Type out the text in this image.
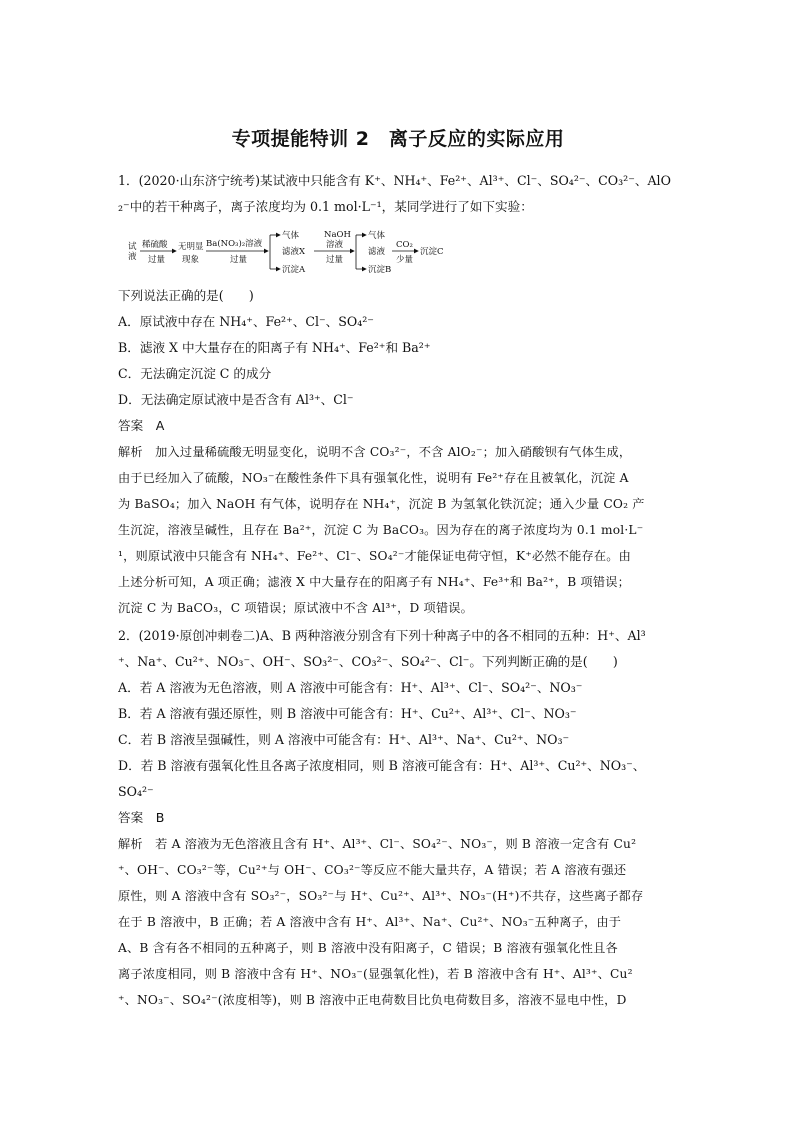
专项提能特训 2　离子反应的实际应用
1．(2020·山东济宁统考)某试液中只能含有 K⁺、NH₄⁺、Fe²⁺、Al³⁺、Cl⁻、SO₄²⁻、CO₃²⁻、AlO
₂⁻中的若干种离子，离子浓度均为 0.1 mol·L⁻¹，某同学进行了如下实验：
试
液
稀硫酸
过量
无明显
现象
Ba(NO₃)₂溶液
过量
气体
滤液X
沉淀A
NaOH
溶液
过量
气体
滤液
沉淀B
CO₂
少量
沉淀C
下列说法正确的是(　　)
A．原试液中存在 NH₄⁺、Fe²⁺、Cl⁻、SO₄²⁻
B．滤液 X 中大量存在的阳离子有 NH₄⁺、Fe²⁺和 Ba²⁺
C．无法确定沉淀 C 的成分
D．无法确定原试液中是否含有 Al³⁺、Cl⁻
答案　A
解析　加入过量稀硫酸无明显变化，说明不含 CO₃²⁻，不含 AlO₂⁻；加入硝酸钡有气体生成，
由于已经加入了硫酸，NO₃⁻在酸性条件下具有强氧化性，说明有 Fe²⁺存在且被氧化，沉淀 A
为 BaSO₄；加入 NaOH 有气体，说明存在 NH₄⁺，沉淀 B 为氢氧化铁沉淀；通入少量 CO₂ 产
生沉淀，溶液呈碱性，且存在 Ba²⁺，沉淀 C 为 BaCO₃。因为存在的离子浓度均为 0.1 mol·L⁻
¹，则原试液中只能含有 NH₄⁺、Fe²⁺、Cl⁻、SO₄²⁻才能保证电荷守恒，K⁺必然不能存在。由
上述分析可知，A 项正确；滤液 X 中大量存在的阳离子有 NH₄⁺、Fe³⁺和 Ba²⁺，B 项错误；
沉淀 C 为 BaCO₃，C 项错误；原试液中不含 Al³⁺，D 项错误。
2．(2019·原创冲刺卷二)A、B 两种溶液分别含有下列十种离子中的各不相同的五种：H⁺、Al³
⁺、Na⁺、Cu²⁺、NO₃⁻、OH⁻、SO₃²⁻、CO₃²⁻、SO₄²⁻、Cl⁻。下列判断正确的是(　　)
A．若 A 溶液为无色溶液，则 A 溶液中可能含有：H⁺、Al³⁺、Cl⁻、SO₄²⁻、NO₃⁻
B．若 A 溶液有强还原性，则 B 溶液中可能含有：H⁺、Cu²⁺、Al³⁺、Cl⁻、NO₃⁻
C．若 B 溶液呈强碱性，则 A 溶液中可能含有：H⁺、Al³⁺、Na⁺、Cu²⁺、NO₃⁻
D．若 B 溶液有强氧化性且各离子浓度相同，则 B 溶液可能含有：H⁺、Al³⁺、Cu²⁺、NO₃⁻、
SO₄²⁻
答案　B
解析　若 A 溶液为无色溶液且含有 H⁺、Al³⁺、Cl⁻、SO₄²⁻、NO₃⁻，则 B 溶液一定含有 Cu²
⁺、OH⁻、CO₃²⁻等，Cu²⁺与 OH⁻、CO₃²⁻等反应不能大量共存，A 错误；若 A 溶液有强还
原性，则 A 溶液中含有 SO₃²⁻，SO₃²⁻与 H⁺、Cu²⁺、Al³⁺、NO₃⁻(H⁺)不共存，这些离子都存
在于 B 溶液中，B 正确；若 A 溶液中含有 H⁺、Al³⁺、Na⁺、Cu²⁺、NO₃⁻五种离子，由于
A、B 含有各不相同的五种离子，则 B 溶液中没有阳离子，C 错误；B 溶液有强氧化性且各
离子浓度相同，则 B 溶液中含有 H⁺、NO₃⁻(显强氧化性)，若 B 溶液中含有 H⁺、Al³⁺、Cu²
⁺、NO₃⁻、SO₄²⁻(浓度相等)，则 B 溶液中正电荷数目比负电荷数目多，溶液不显电中性，D
